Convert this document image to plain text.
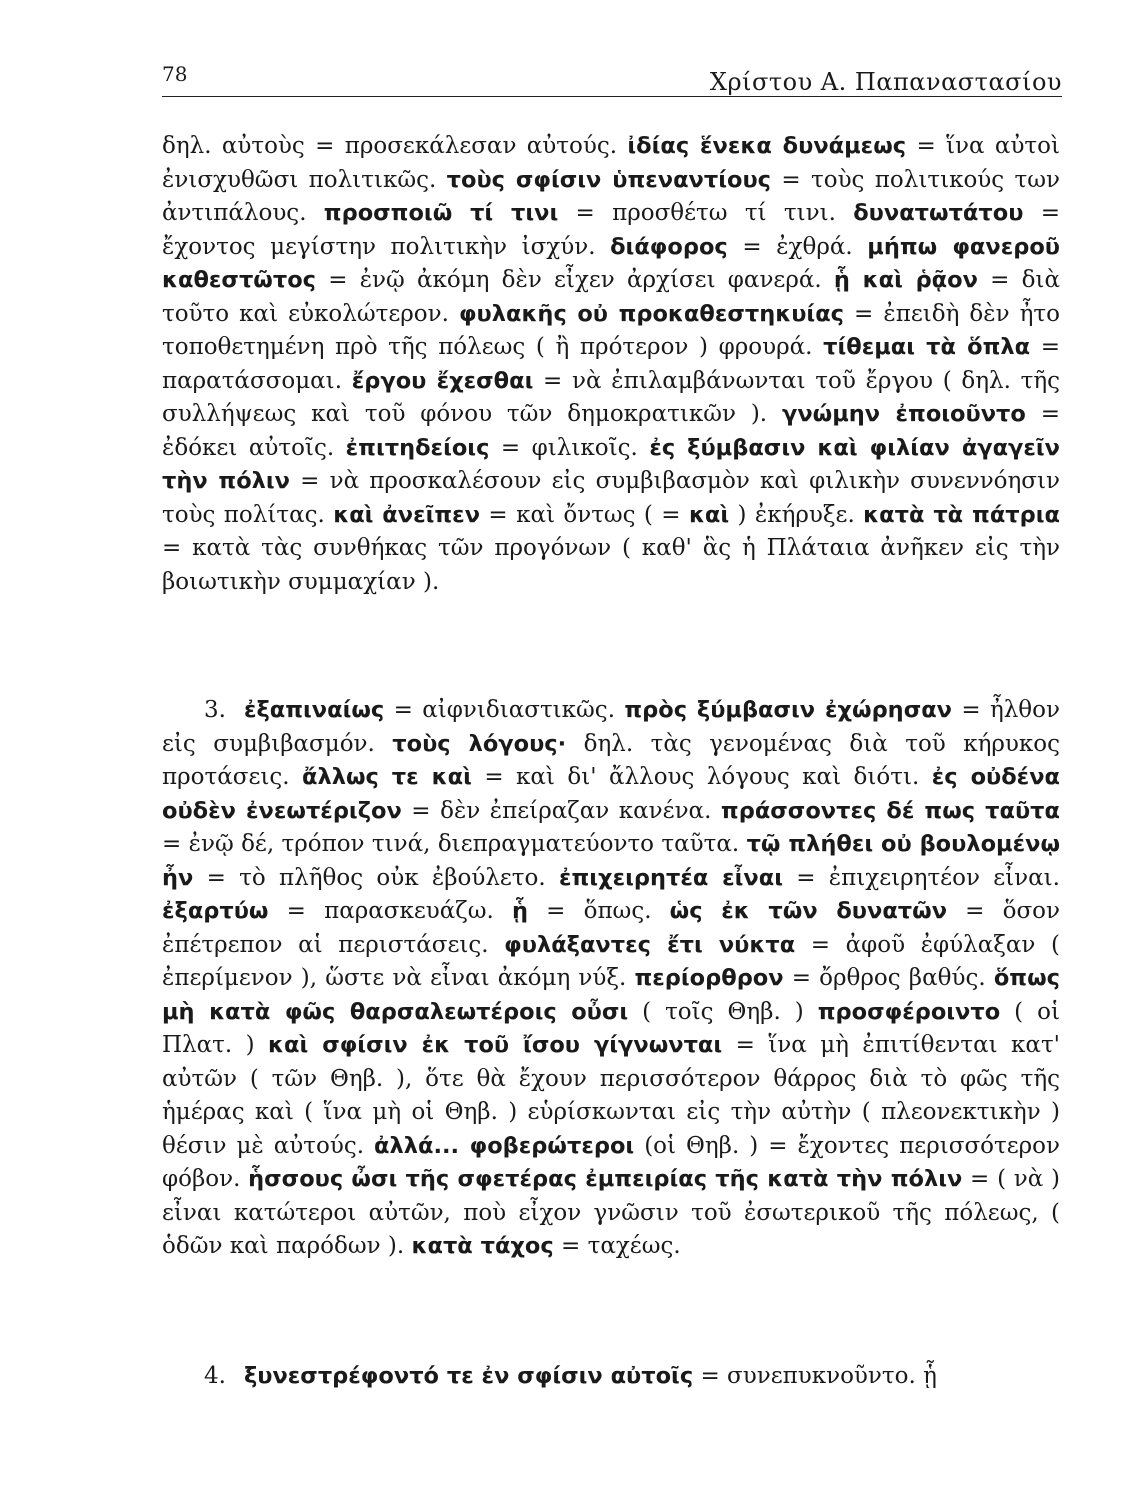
78	Χρίστου Α. Παπαναστασίου
δηλ. αὐτοὺς = προσεκάλεσαν αὐτούς. ἰδίας ἕνεκα δυνάμεως = ἵνα αὐτοὶ ἐνισχυθῶσι πολιτικῶς. τοὺς σφίσιν ὑπεναντίους = τοὺς πολιτικούς των ἀντιπάλους. προσποιῶ τί τινι = προσθέτω τί τινι. δυνατωτάτου = ἔχοντος μεγίστην πολιτικὴν ἰσχύν. διάφορος = ἐχθρά. μήπω φανεροῦ καθεστῶτος = ἐνῷ ἀκόμη δὲν εἶχεν ἀρχίσει φανερά. ᾗ καὶ ῥᾷον = διὰ τοῦτο καὶ εὐκολώτερον. φυλακῆς οὐ προκαθεστηκυίας = ἐπειδὴ δὲν ἦτο τοποθετημένη πρὸ τῆς πόλεως ( ἢ πρότερον ) φρουρά. τίθεμαι τὰ ὅπλα = παρατάσσομαι. ἔργου ἔχεσθαι = νὰ ἐπιλαμβάνωνται τοῦ ἔργου ( δηλ. τῆς συλλήψεως καὶ τοῦ φόνου τῶν δημοκρατικῶν ). γνώμην ἐποιοῦντο = ἐδόκει αὐτοῖς. ἐπιτηδείοις = φιλικοῖς. ἐς ξύμβασιν καὶ φιλίαν ἀγαγεῖν τὴν πόλιν = νὰ προσκαλέσουν εἰς συμβιβασμὸν καὶ φιλικὴν συνεννόησιν τοὺς πολίτας. καὶ ἀνεῖπεν = καὶ ὄντως ( = καὶ ) ἐκήρυξε. κατὰ τὰ πάτρια = κατὰ τὰς συνθήκας τῶν προγόνων ( καθ' ἃς ἡ Πλάταια ἀνῆκεν εἰς τὴν βοιωτικὴν συμμαχίαν ).
3. ἐξαπιναίως = αἰφνιδιαστικῶς. πρὸς ξύμβασιν ἐχώρησαν = ἦλθον εἰς συμβιβασμόν. τοὺς λόγους· δηλ. τὰς γενομένας διὰ τοῦ κήρυκος προτάσεις. ἄλλως τε καὶ = καὶ δι' ἄλλους λόγους καὶ διότι. ἐς οὐδένα οὐδὲν ἐνεωτέριζον = δὲν ἐπείραζαν κανένα. πράσσοντες δέ πως ταῦτα = ἐνῷ δέ, τρόπον τινά, διεπραγματεύοντο ταῦτα. τῷ πλήθει οὐ βουλομένῳ ἦν = τὸ πλῆθος οὐκ ἐβούλετο. ἐπιχειρητέα εἶναι = ἐπιχειρητέον εἶναι. ἐξαρτύω = παρασκευάζω. ᾗ = ὅπως. ὡς ἐκ τῶν δυνατῶν = ὅσον ἐπέτρεπον αἱ περιστάσεις. φυλάξαντες ἔτι νύκτα = ἀφοῦ ἐφύλαξαν ( ἐπερίμενον ), ὥστε νὰ εἶναι ἀκόμη νύξ. περίορθρον = ὄρθρος βαθύς. ὅπως μὴ κατὰ φῶς θαρσαλεωτέροις οὖσι ( τοῖς Θηβ. ) προσφέροιντο ( οἱ Πλατ. ) καὶ σφίσιν ἐκ τοῦ ἴσου γίγνωνται = ἵνα μὴ ἐπιτίθενται κατ' αὐτῶν ( τῶν Θηβ. ), ὅτε θὰ ἔχουν περισσότερον θάρρος διὰ τὸ φῶς τῆς ἡμέρας καὶ ( ἵνα μὴ οἱ Θηβ. ) εὑρίσκωνται εἰς τὴν αὐτὴν ( πλεονεκτικὴν ) θέσιν μὲ αὐτούς. ἀλλά... φοβερώτεροι (οἱ Θηβ. ) = ἔχοντες περισσότερον φόβον. ἧσσους ὦσι τῆς σφετέρας ἐμπειρίας τῆς κατὰ τὴν πόλιν = ( νὰ ) εἶναι κατώτεροι αὐτῶν, ποὺ εἶχον γνῶσιν τοῦ ἐσωτερικοῦ τῆς πόλεως, ( ὁδῶν καὶ παρόδων ). κατὰ τάχος = ταχέως.
4. ξυνεστρέφοντό τε ἐν σφίσιν αὐτοῖς = συνεπυκνοῦντο. ᾗ
